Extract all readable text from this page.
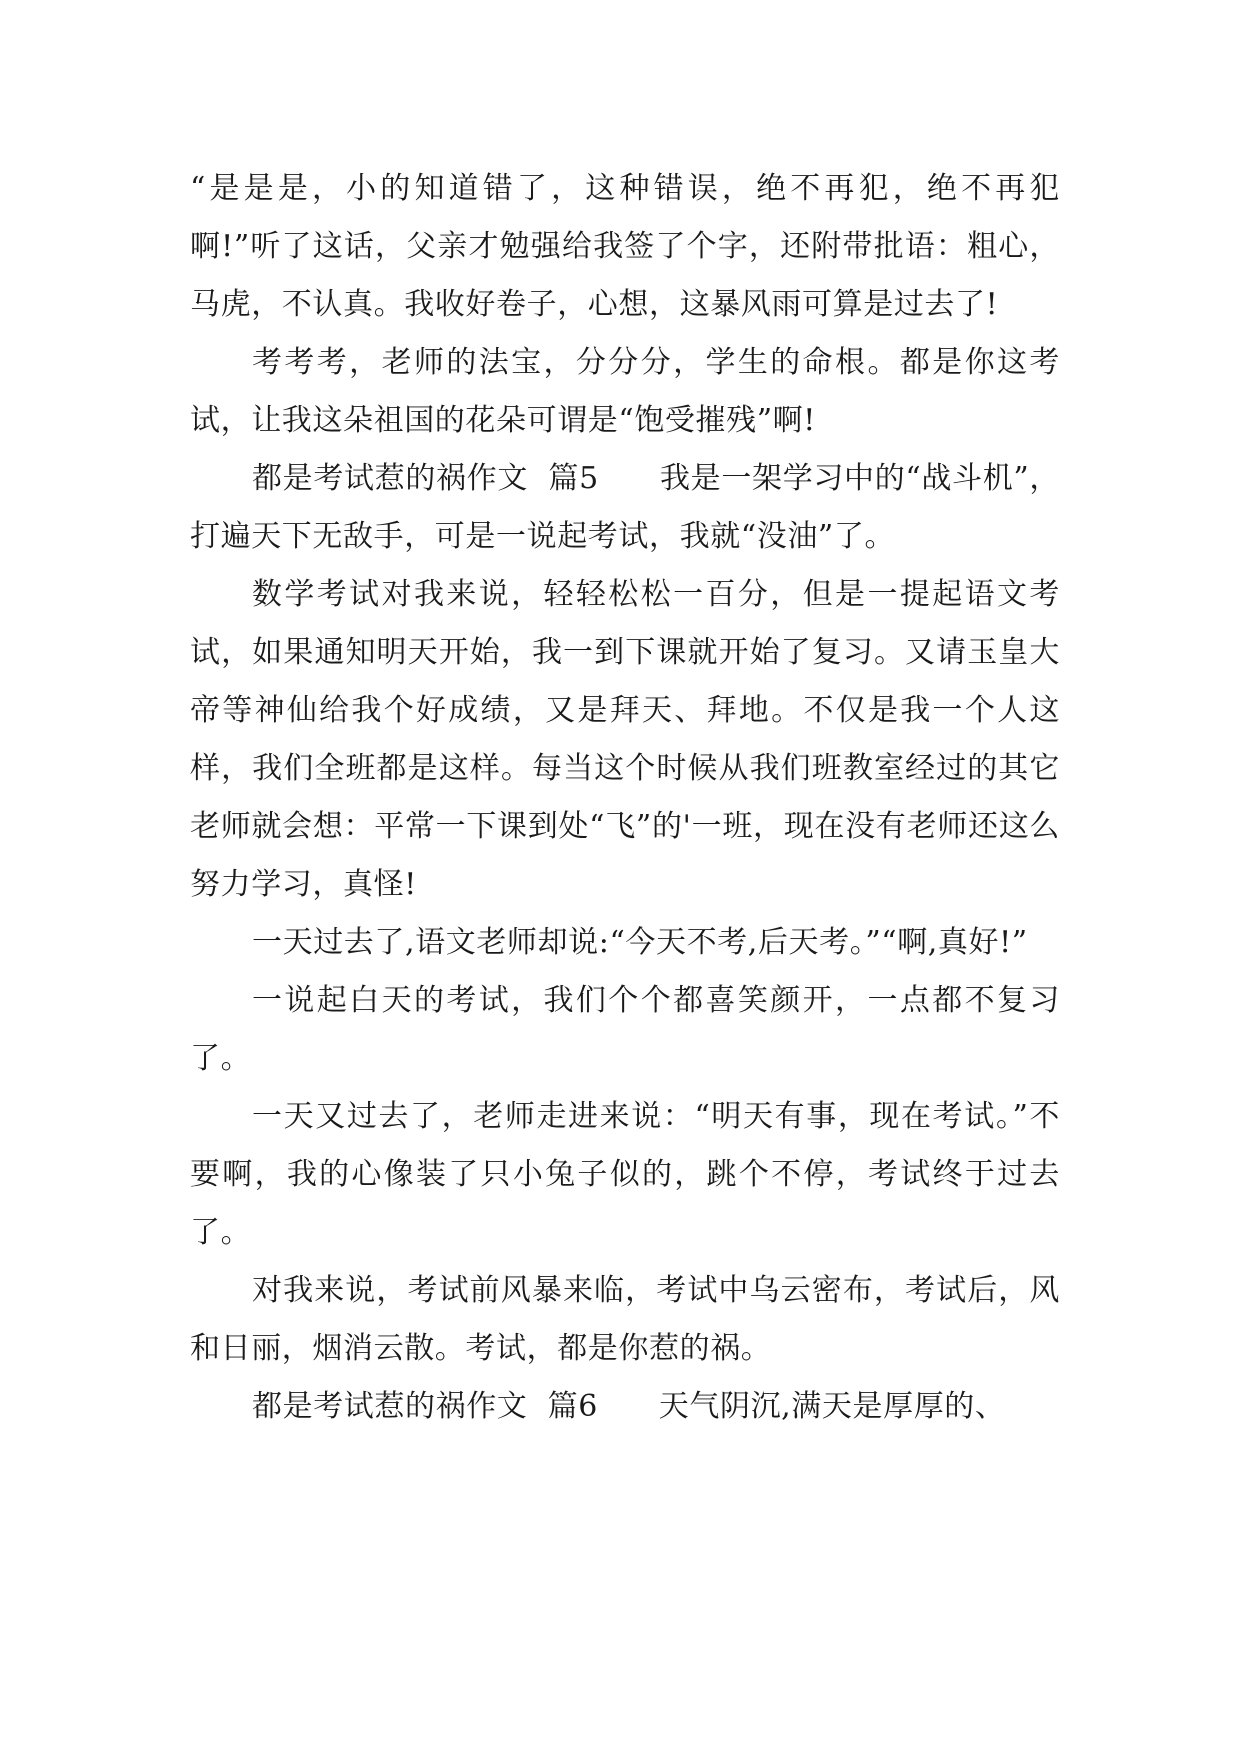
“是是是，小的知道错了，这种错误，绝不再犯，绝不再犯啊!”听了这话，父亲才勉强给我签了个字，还附带批语：粗心，马虎，不认真。我收好卷子，心想，这暴风雨可算是过去了!

考考考，老师的法宝，分分分，学生的命根。都是你这考试，让我这朵祖国的花朵可谓是“饱受摧残”啊!

都是考试惹的祸作文  篇5      我是一架学习中的“战斗机”，打遍天下无敌手，可是一说起考试，我就“没油”了。

数学考试对我来说，轻轻松松一百分，但是一提起语文考试，如果通知明天开始，我一到下课就开始了复习。又请玉皇大帝等神仙给我个好成绩，又是拜天、拜地。不仅是我一个人这样，我们全班都是这样。每当这个时候从我们班教室经过的其它老师就会想：平常一下课到处“飞”的'一班，现在没有老师还这么努力学习，真怪!

一天过去了,语文老师却说:“今天不考,后天考。”“啊,真好!”

一说起白天的考试，我们个个都喜笑颜开，一点都不复习了。

一天又过去了，老师走进来说：“明天有事，现在考试。”不要啊，我的心像装了只小兔子似的，跳个不停，考试终于过去了。

对我来说，考试前风暴来临，考试中乌云密布，考试后，风和日丽，烟消云散。考试，都是你惹的祸。

都是考试惹的祸作文  篇6      天气阴沉,满天是厚厚的、
